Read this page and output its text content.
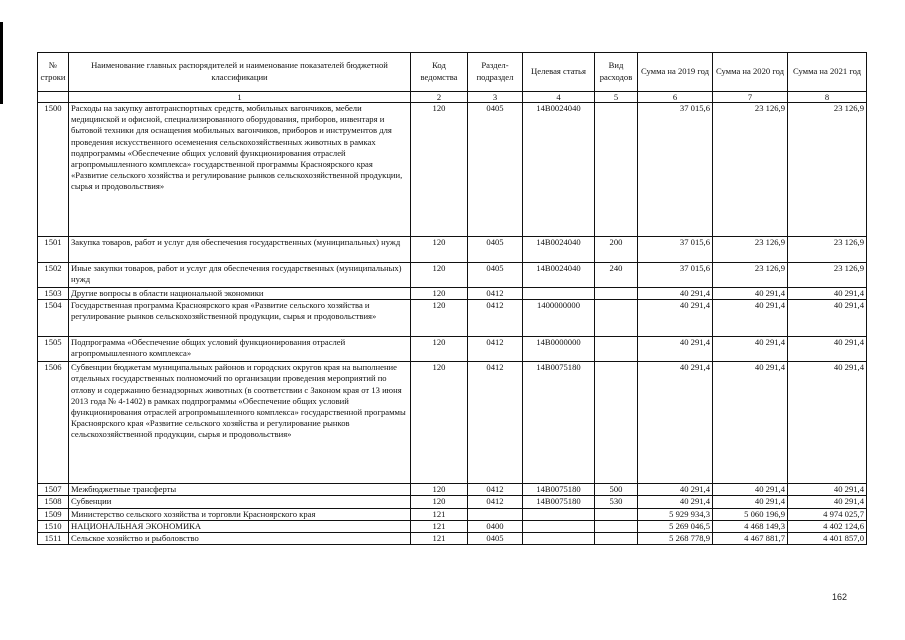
№ строки	Наименование главных распорядителей и наименование показателей бюджетной классификации	Код ведомства	Раздел- подраздел	Целевая статья	Вид расходов	Сумма на 2019 год	Сумма на 2020 год	Сумма на 2021 год
	1	2	3	4	5	6	7	8
1500	Расходы на закупку автотранспортных средств, мобильных вагончиков, мебели медицинской и офисной, специализированного оборудования, приборов, инвентаря и бытовой техники для оснащения мобильных вагончиков, приборов и инструментов для проведения искусственного осеменения сельскохозяйственных животных в рамках подпрограммы «Обеспечение общих условий функционирования отраслей агропромышленного комплекса» государственной программы Красноярского края «Развитие сельского хозяйства и регулирование рынков сельскохозяйственной продукции, сырья и продовольствия»	120	0405	14В0024040		37 015,6	23 126,9	23 126,9
1501	Закупка товаров, работ и услуг для обеспечения государственных (муниципальных) нужд	120	0405	14В0024040	200	37 015,6	23 126,9	23 126,9
1502	Иные закупки товаров, работ и услуг для обеспечения государственных (муниципальных) нужд	120	0405	14В0024040	240	37 015,6	23 126,9	23 126,9
1503	Другие вопросы в области национальной экономики	120	0412			40 291,4	40 291,4	40 291,4
1504	Государственная программа Красноярского края «Развитие сельского хозяйства и регулирование рынков сельскохозяйственной продукции, сырья и продовольствия»	120	0412	1400000000		40 291,4	40 291,4	40 291,4
1505	Подпрограмма «Обеспечение общих условий функционирования отраслей агропромышленного комплекса»	120	0412	14В0000000		40 291,4	40 291,4	40 291,4
1506	Субвенции бюджетам муниципальных районов и городских округов края на выполнение отдельных государственных полномочий по организации проведения мероприятий по отлову и содержанию безнадзорных животных (в соответствии с Законом края от 13 июня 2013 года № 4-1402) в рамках подпрограммы «Обеспечение общих условий функционирования отраслей агропромышленного комплекса» государственной программы Красноярского края «Развитие сельского хозяйства и регулирование рынков сельскохозяйственной продукции, сырья и продовольствия»	120	0412	14В0075180		40 291,4	40 291,4	40 291,4
1507	Межбюджетные трансферты	120	0412	14В0075180	500	40 291,4	40 291,4	40 291,4
1508	Субвенции	120	0412	14В0075180	530	40 291,4	40 291,4	40 291,4
1509	Министерство сельского хозяйства и торговли Красноярского края	121				5 929 934,3	5 060 196,9	4 974 025,7
1510	НАЦИОНАЛЬНАЯ ЭКОНОМИКА	121	0400			5 269 046,5	4 468 149,3	4 402 124,6
1511	Сельское хозяйство и рыболовство	121	0405			5 268 778,9	4 467 881,7	4 401 857,0
162
